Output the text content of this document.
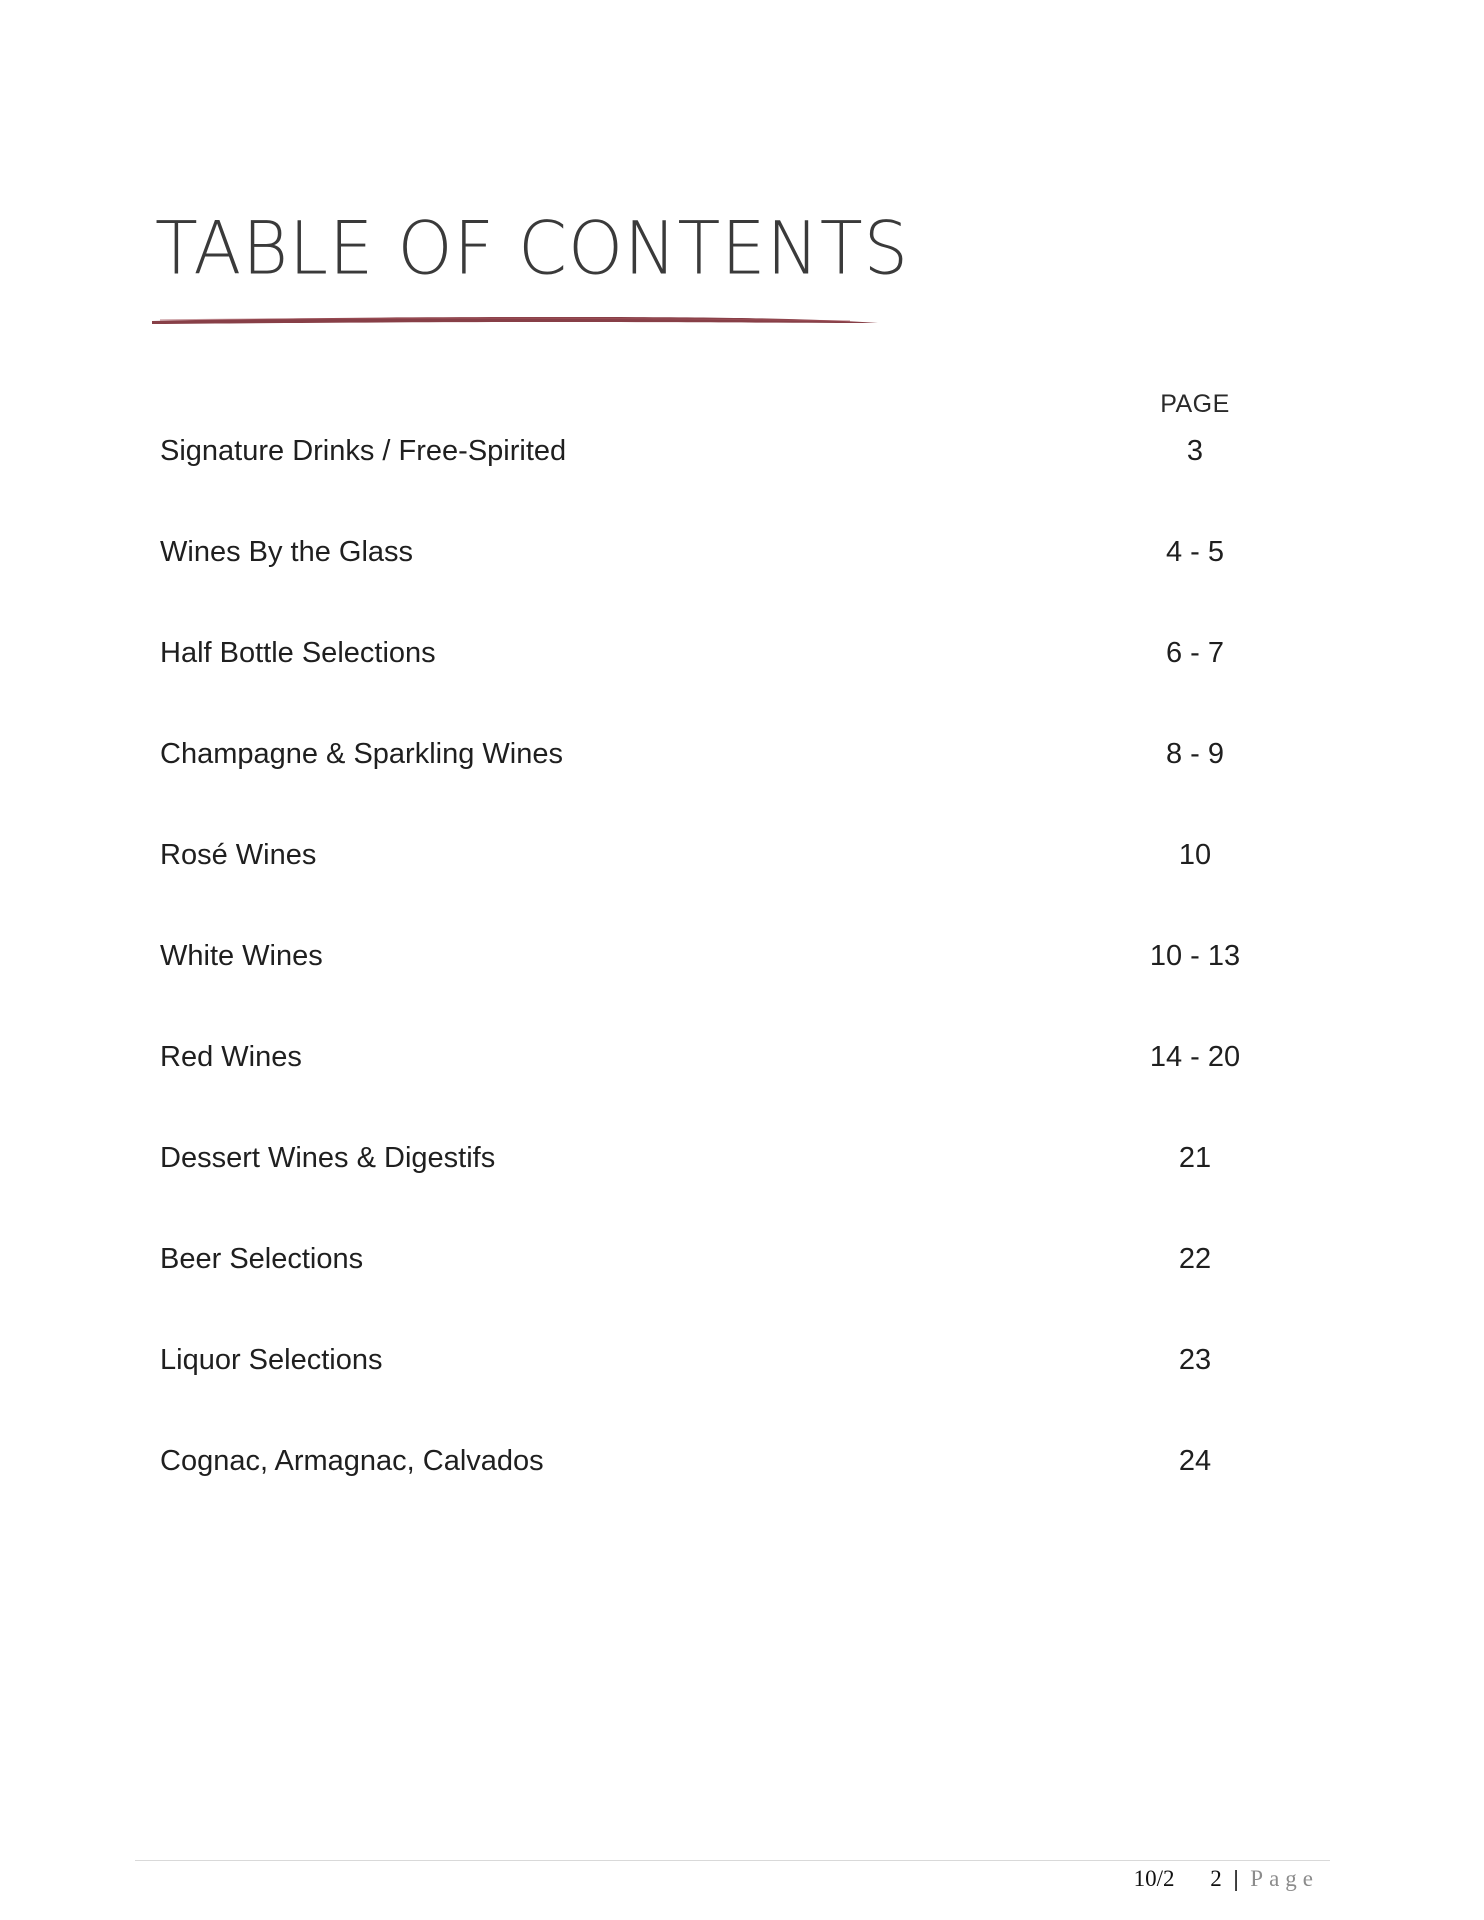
TABLE OF CONTENTS
PAGE
Signature Drinks / Free-Spirited	3
Wines By the Glass	4 - 5
Half Bottle Selections	6 - 7
Champagne & Sparkling Wines	8 - 9
Rosé Wines	10
White Wines	10 - 13
Red Wines	14 - 20
Dessert Wines & Digestifs	21
Beer Selections	22
Liquor Selections	23
Cognac, Armagnac, Calvados	24
10/2 2 | Page
